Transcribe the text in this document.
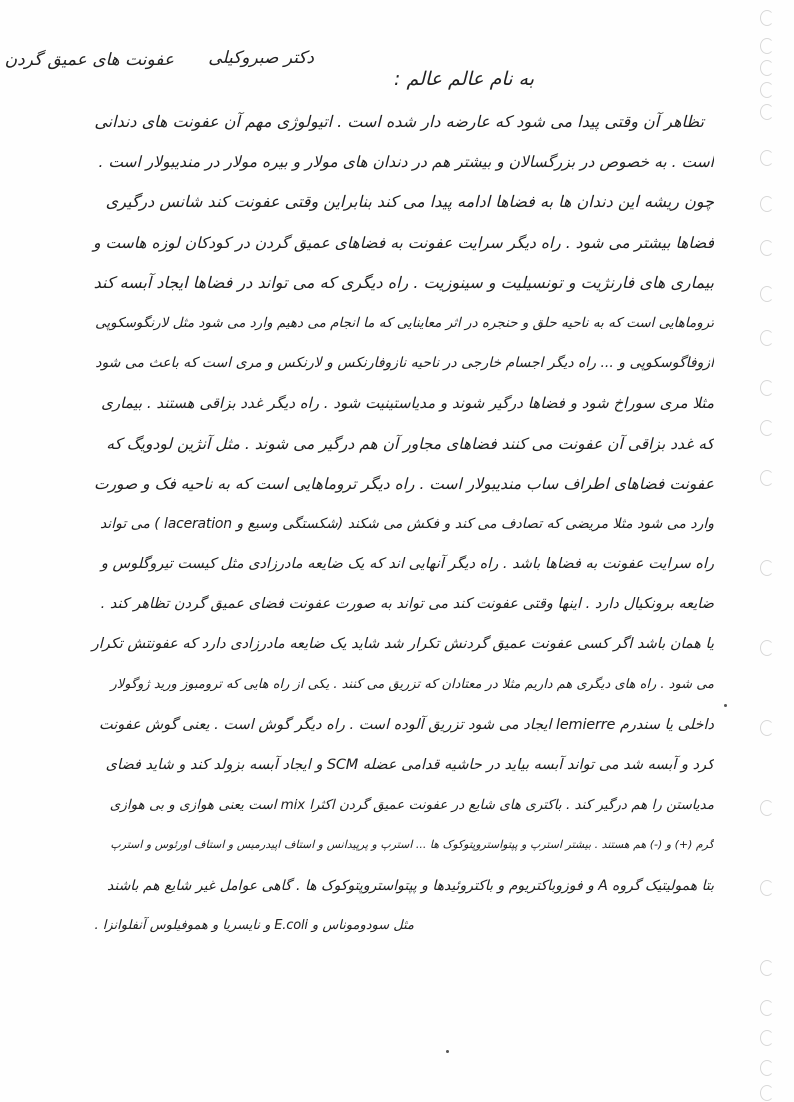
به نام عالم عالم :
دکتر صبروکیلی
عفونت های عمیق گردن
تظاهر آن وقتی پیدا می شود که عارضه دار شده است . اتیولوژی مهم آن عفونت های دندانی
است . به خصوص در بزرگسالان و بیشتر هم در دندان های مولار و بیره مولار در مندیبولار است .
چون ریشه این دندان ها به فضاها ادامه پیدا می کند بنابراین وقتی عفونت کند شانس درگیری
فضاها بیشتر می شود . راه دیگر سرایت عفونت به فضاهای عمیق گردن در کودکان لوزه هاست و
بیماری های فارنژیت و تونسیلیت و سینوزیت . راه دیگری که می تواند در فضاها ایجاد آبسه کند
تروماهایی است که به ناحیه حلق و حنجره در اثر معاینایی که ما انجام می دهیم وارد می شود مثل لارنگوسکوپی
ازوفاگوسکوپی و ... راه دیگر اجسام خارجی در ناحیه نازوفارنکس و لارنکس و مری است که باعث می شود
مثلا مری سوراخ شود و فضاها درگیر شوند و مدیاستینیت شود . راه دیگر غدد بزاقی هستند . بیماری
که غدد بزاقی آن عفونت می کنند فضاهای مجاور آن هم درگیر می شوند . مثل آنژین لودویگ که
عفونت فضاهای اطراف ساب مندیبولار است . راه دیگر تروماهایی است که به ناحیه فک و صورت
وارد می شود مثلا مریضی که تصادف می کند و فکش می شکند (شکستگی وسیع و laceration ) می تواند
راه سرایت عفونت به فضاها باشد . راه دیگر آنهایی اند که یک ضایعه مادرزادی مثل کیست تیروگلوس و
ضایعه برونکیال دارد . اینها وقتی عفونت کند می تواند به صورت عفونت فضای عمیق گردن تظاهر کند .
یا همان باشد اگر کسی عفونت عمیق گردنش تکرار شد شاید یک ضایعه مادرزادی دارد که عفونتش تکرار
می شود . راه های دیگری هم داریم مثلا در معتادان که تزریق می کنند . یکی از راه هایی که ترومبوز ورید ژوگولار
داخلی یا سندرم lemierre ایجاد می شود تزریق آلوده است . راه دیگر گوش است . یعنی گوش عفونت
کرد و آبسه شد می تواند آبسه بیاید در حاشیه قدامی عضله SCM و ایجاد آبسه بزولد کند و شاید فضای
مدیاستن را هم درگیر کند . باکتری های شایع در عفونت عمیق گردن اکثرا mix است یعنی هوازی و بی هوازی
گرم (+) و (-) هم هستند . بیشتر استرپ و پپتواستروپتوکوک ها ... استرپ و پرپیدانس و استاف اپیدرمیس و استاف اورئوس و استرپ
بتا همولیتیک گروه A و فوزوباکتریوم و باکتروئیدها و پپتواستروپتوکوک ها . گاهی عوامل غیر شایع هم باشند
مثل سودوموناس و E.coli و نایسریا و هموفیلوس آنفلوانزا .
